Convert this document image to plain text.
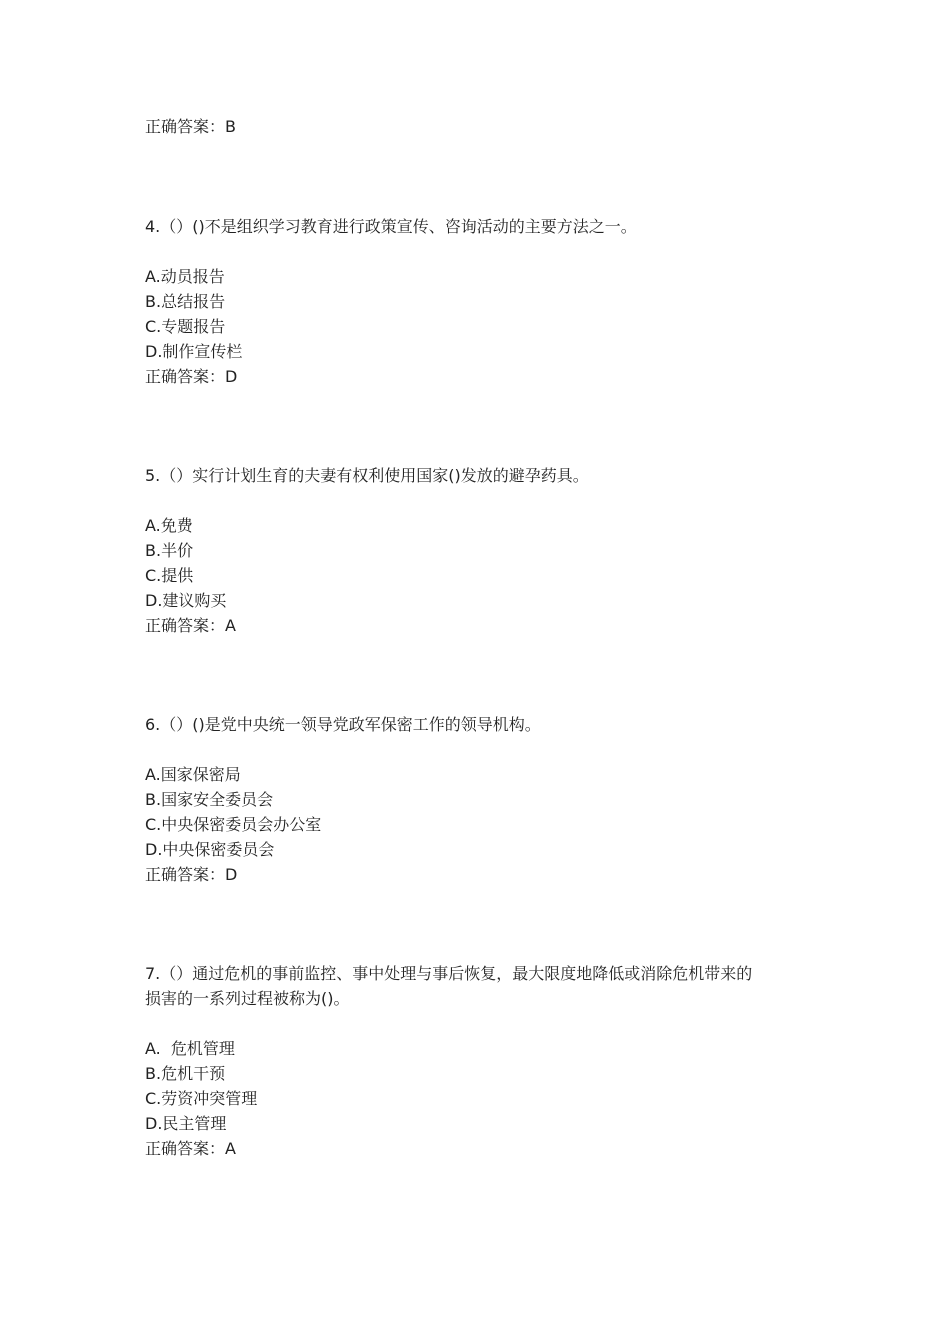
正确答案：B
4.（）()不是组织学习教育进行政策宣传、咨询活动的主要方法之一。
A.动员报告
B.总结报告
C.专题报告
D.制作宣传栏
正确答案：D
5.（）实行计划生育的夫妻有权利使用国家()发放的避孕药具。
A.免费
B.半价
C.提供
D.建议购买
正确答案：A
6.（）()是党中央统一领导党政军保密工作的领导机构。
A.国家保密局
B.国家安全委员会
C.中央保密委员会办公室
D.中央保密委员会
正确答案：D
7.（）通过危机的事前监控、事中处理与事后恢复，最大限度地降低或消除危机带来的
损害的一系列过程被称为()。
A.  危机管理
B.危机干预
C.劳资冲突管理
D.民主管理
正确答案：A
